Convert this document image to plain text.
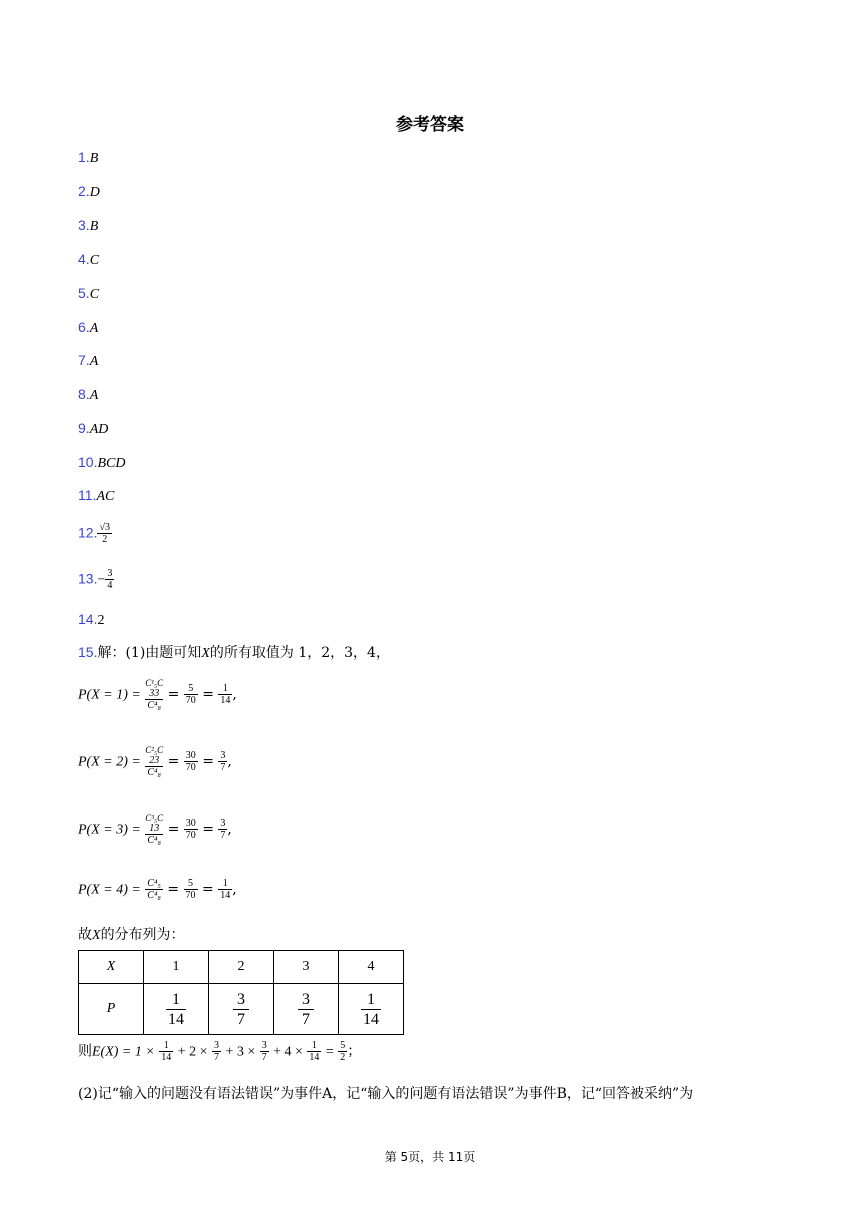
参考答案
1.B
2.D
3.B
4.C
5.C
6.A
7.A
8.A
9.AD
10.BCD
11.AC
12. $\frac{√3}{2}$
$13.- \frac{3}{4}$
14.2
15.解：(1)由题可知X的所有取值为 1，2，3，4，
P(X = 1) =
C¹₅C
33
C⁴₈
= $\frac{5}{70} = \frac{1}{14}$ ,
P(X = 2) =
C²₅C
23
C⁴₈
= $\frac{30}{70} = \frac{3}{7}$ ,
P(X = 3) =
C³₅C
13
C⁴₈
= $\frac{30}{70} = \frac{3}{7}$ ,
$P(X = 4) = \frac{\text{C⁴₅}}{\text{C⁴₈}} = \frac{5}{70} = \frac{1}{14}$ ,
故X的分布列为：
X	1	2	3	4
P	$\frac{1}{14}$	$\frac{3}{7}$	$\frac{3}{7}$	$\frac{1}{14}$
则$E(X) = 1 \times \frac{1}{14} + 2 \times \frac{3}{7} + 3 \times \frac{3}{7} + 4 \times \frac{1}{14} = \frac{5}{2}$ ；
(2)记“输入的问题没有语法错误”为事件A，记“输入的问题有语法错误”为事件B，记“回答被采纳”为
第 5页，共 11页
